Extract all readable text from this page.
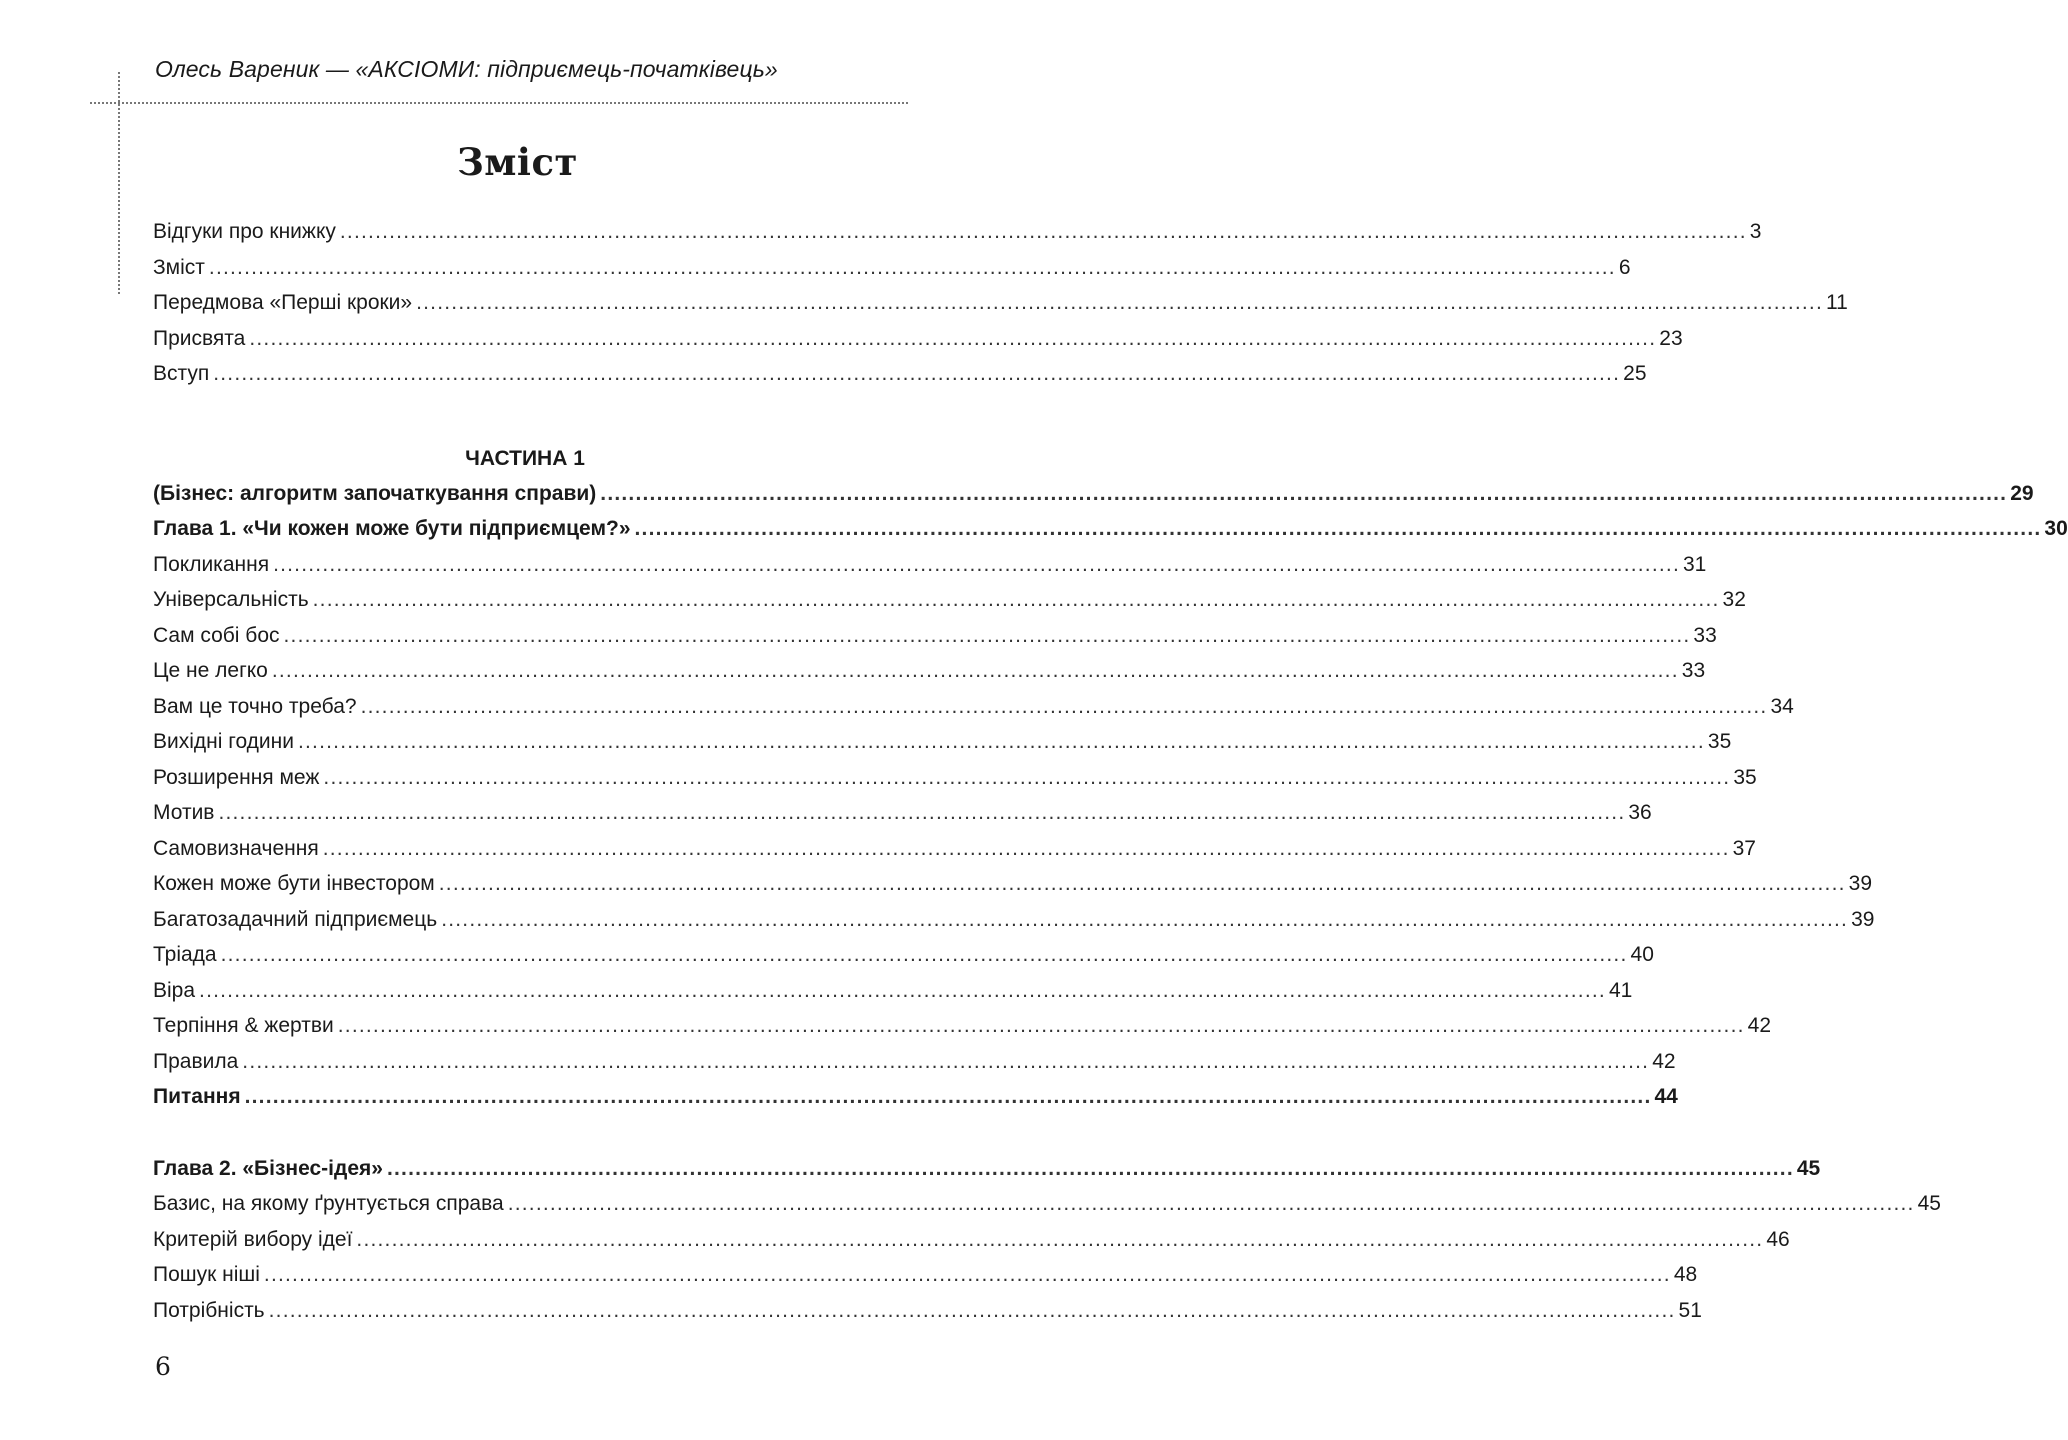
Олесь Вареник — «АКСІОМИ: підприємець-початківець»
Зміст
Відгуки про книжку ........................................................................................................................................................................................................ 3
Зміст ........................................................................................................................................................................................................ 6
Передмова «Перші кроки» ........................................................................................................................................................................................................ 11
Присвята ........................................................................................................................................................................................................ 23
Вступ ........................................................................................................................................................................................................ 25
ЧАСТИНА 1
(Бізнес: алгоритм започаткування справи) ........................................................................................................................................................................................................ 29
Глава 1. «Чи кожен може бути підприємцем?» ........................................................................................................................................................................................................ 30
Покликання ........................................................................................................................................................................................................ 31
Універсальність ........................................................................................................................................................................................................ 32
Сам собі бос ........................................................................................................................................................................................................ 33
Це не легко ........................................................................................................................................................................................................ 33
Вам це точно треба? ........................................................................................................................................................................................................ 34
Вихідні години ........................................................................................................................................................................................................ 35
Розширення меж ........................................................................................................................................................................................................ 35
Мотив ........................................................................................................................................................................................................ 36
Самовизначення ........................................................................................................................................................................................................ 37
Кожен може бути інвестором ........................................................................................................................................................................................................ 39
Багатозадачний підприємець ........................................................................................................................................................................................................ 39
Тріада ........................................................................................................................................................................................................ 40
Віра ........................................................................................................................................................................................................ 41
Терпіння & жертви ........................................................................................................................................................................................................ 42
Правила ........................................................................................................................................................................................................ 42
Питання ........................................................................................................................................................................................................ 44
Глава 2. «Бізнес-ідея» ........................................................................................................................................................................................................ 45
Базис, на якому ґрунтується справа ........................................................................................................................................................................................................ 45
Критерій вибору ідеї ........................................................................................................................................................................................................ 46
Пошук ніші ........................................................................................................................................................................................................ 48
Потрібність ........................................................................................................................................................................................................ 51
6
